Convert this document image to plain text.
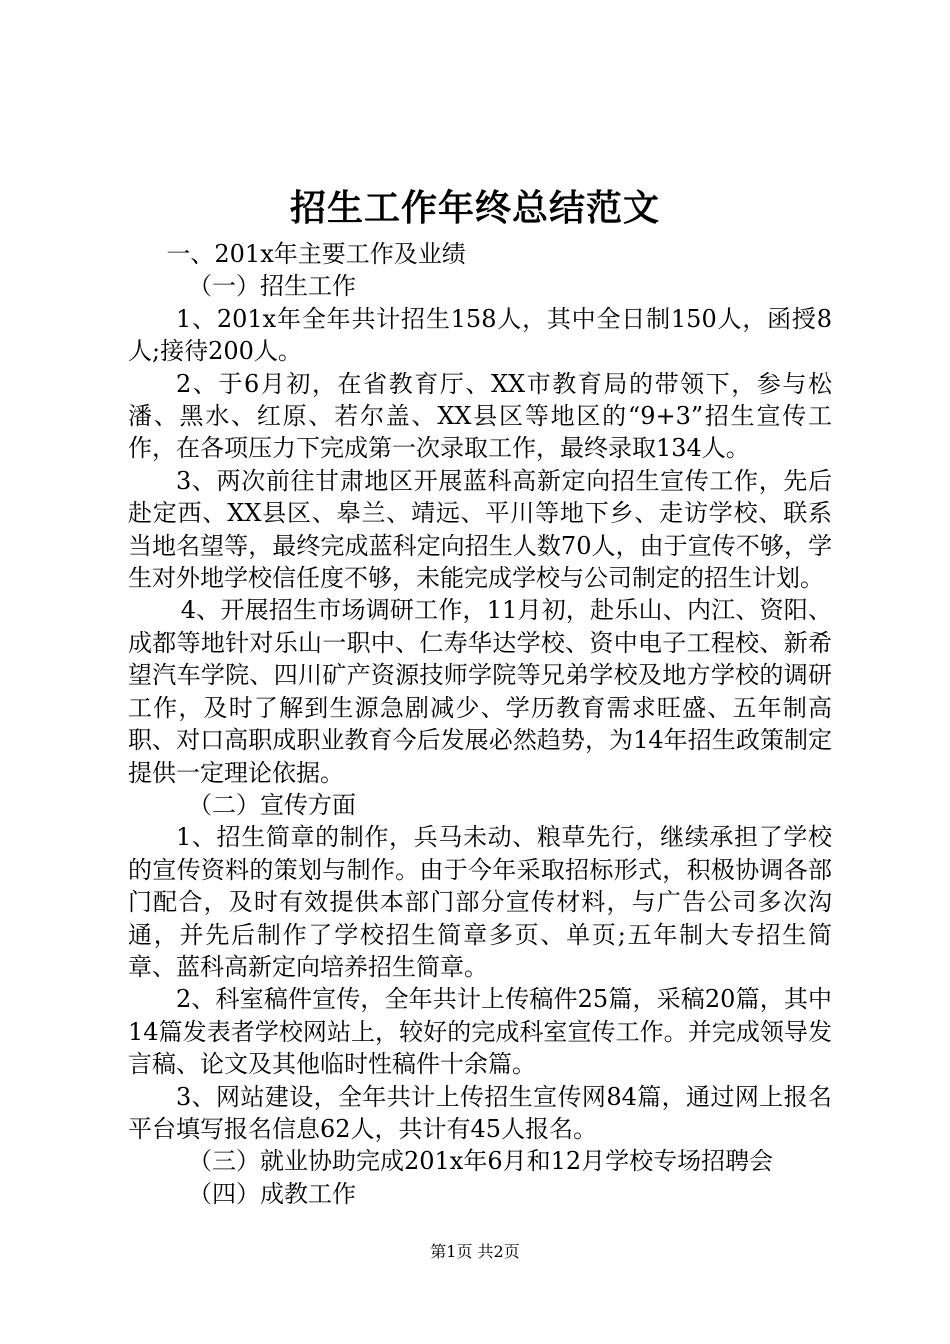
招生工作年终总结范文

一、201x年主要工作及业绩

（一）招生工作

1、201x年全年共计招生158人，其中全日制150人，函授8人;接待200人。

2、于6月初，在省教育厅、XX市教育局的带领下，参与松潘、黑水、红原、若尔盖、XX县区等地区的“9+3”招生宣传工作，在各项压力下完成第一次录取工作，最终录取134人。

3、两次前往甘肃地区开展蓝科高新定向招生宣传工作，先后赴定西、XX县区、皋兰、靖远、平川等地下乡、走访学校、联系当地名望等，最终完成蓝科定向招生人数70人，由于宣传不够，学生对外地学校信任度不够，未能完成学校与公司制定的招生计划。

4、开展招生市场调研工作，11月初，赴乐山、内江、资阳、成都等地针对乐山一职中、仁寿华达学校、资中电子工程校、新希望汽车学院、四川矿产资源技师学院等兄弟学校及地方学校的调研工作，及时了解到生源急剧减少、学历教育需求旺盛、五年制高职、对口高职成职业教育今后发展必然趋势，为14年招生政策制定提供一定理论依据。

（二）宣传方面

1、招生简章的制作，兵马未动、粮草先行，继续承担了学校的宣传资料的策划与制作。由于今年采取招标形式，积极协调各部门配合，及时有效提供本部门部分宣传材料，与广告公司多次沟通，并先后制作了学校招生简章多页、单页;五年制大专招生简章、蓝科高新定向培养招生简章。

2、科室稿件宣传，全年共计上传稿件25篇，采稿20篇，其中14篇发表者学校网站上，较好的完成科室宣传工作。并完成领导发言稿、论文及其他临时性稿件十余篇。

3、网站建设，全年共计上传招生宣传网84篇，通过网上报名平台填写报名信息62人，共计有45人报名。

（三）就业协助完成201x年6月和12月学校专场招聘会

（四）成教工作

第1页 共2页
